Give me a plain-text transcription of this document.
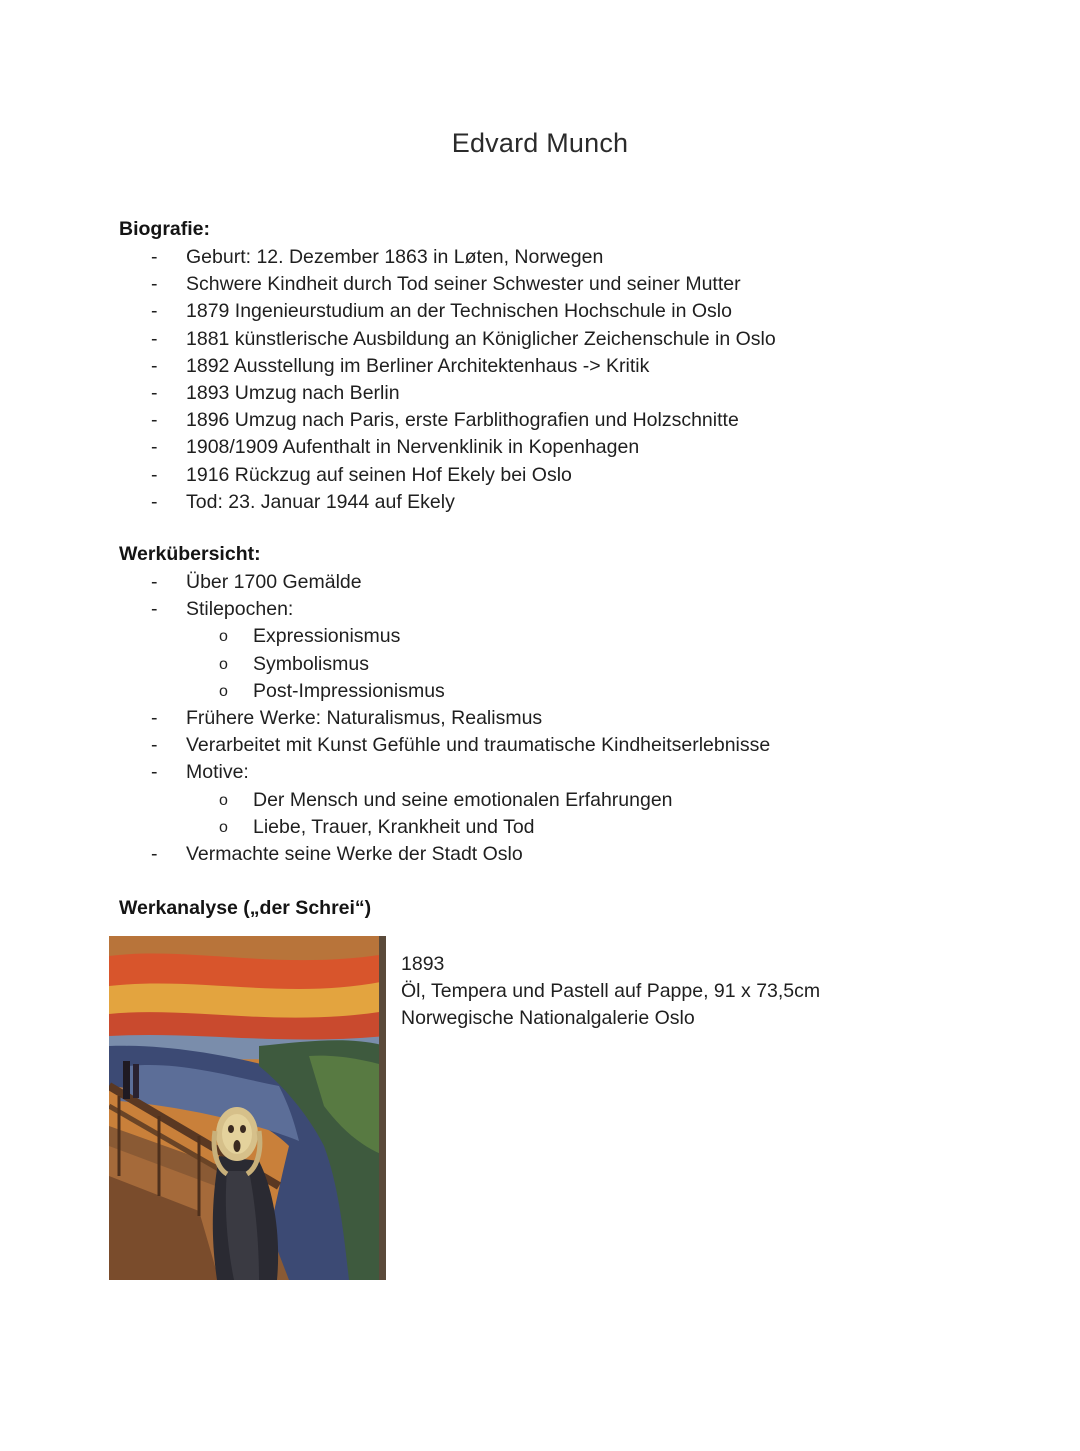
Edvard Munch
Biografie:
- Geburt: 12. Dezember 1863 in Løten, Norwegen
- Schwere Kindheit durch Tod seiner Schwester und seiner Mutter
- 1879 Ingenieurstudium an der Technischen Hochschule in Oslo
- 1881 künstlerische Ausbildung an Königlicher Zeichenschule in Oslo
- 1892 Ausstellung im Berliner Architektenhaus -> Kritik
- 1893 Umzug nach Berlin
- 1896 Umzug nach Paris, erste Farblithografien und Holzschnitte
- 1908/1909 Aufenthalt in Nervenklinik in Kopenhagen
- 1916 Rückzug auf seinen Hof Ekely bei Oslo
- Tod: 23. Januar 1944 auf Ekely
Werkübersicht:
- Über 1700 Gemälde
- Stilepochen:
o Expressionismus
o Symbolismus
o Post-Impressionismus
- Frühere Werke: Naturalismus, Realismus
- Verarbeitet mit Kunst Gefühle und traumatische Kindheitserlebnisse
- Motive:
o Der Mensch und seine emotionalen Erfahrungen
o Liebe, Trauer, Krankheit und Tod
- Vermachte seine Werke der Stadt Oslo
Werkanalyse („der Schrei“)
1893
Öl, Tempera und Pastell auf Pappe, 91 x 73,5cm
Norwegische Nationalgalerie Oslo
